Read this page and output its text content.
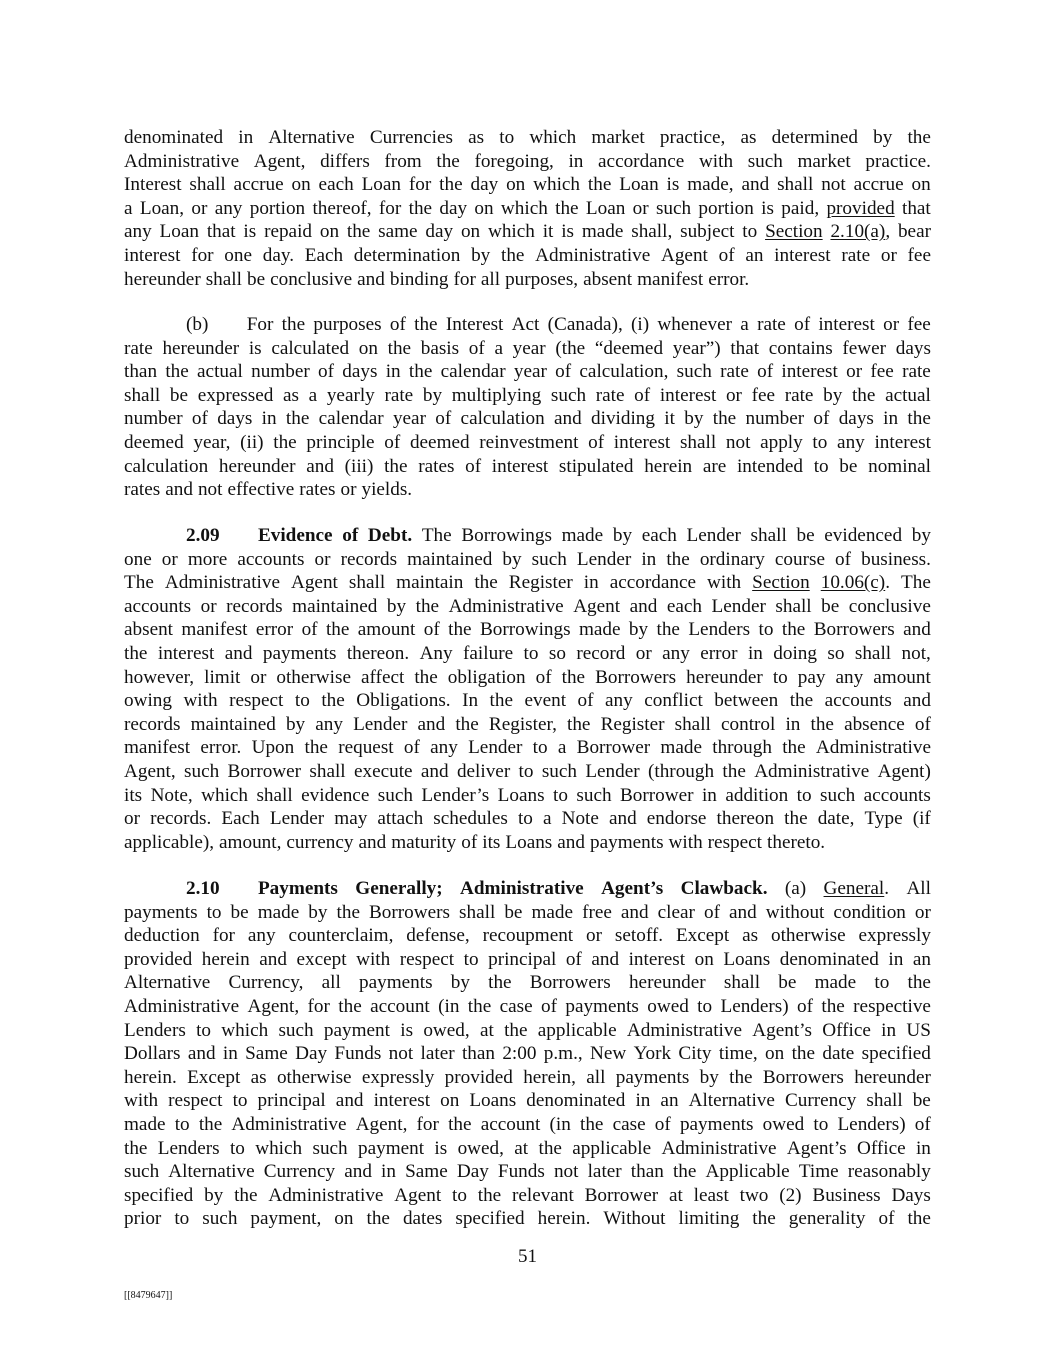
denominated in Alternative Currencies as to which market practice, as determined by the
Administrative Agent, differs from the foregoing, in accordance with such market practice.
Interest shall accrue on each Loan for the day on which the Loan is made, and shall not accrue on
a Loan, or any portion thereof, for the day on which the Loan or such portion is paid, provided that
any Loan that is repaid on the same day on which it is made shall, subject to Section 2.10(a), bear
interest for one day. Each determination by the Administrative Agent of an interest rate or fee
hereunder shall be conclusive and binding for all purposes, absent manifest error.
(b)  For the purposes of the Interest Act (Canada), (i) whenever a rate of interest or fee
rate hereunder is calculated on the basis of a year (the “deemed year”) that contains fewer days
than the actual number of days in the calendar year of calculation, such rate of interest or fee rate
shall be expressed as a yearly rate by multiplying such rate of interest or fee rate by the actual
number of days in the calendar year of calculation and dividing it by the number of days in the
deemed year, (ii) the principle of deemed reinvestment of interest shall not apply to any interest
calculation hereunder and (iii) the rates of interest stipulated herein are intended to be nominal
rates and not effective rates or yields.
2.09  Evidence of Debt. The Borrowings made by each Lender shall be evidenced by
one or more accounts or records maintained by such Lender in the ordinary course of business.
The Administrative Agent shall maintain the Register in accordance with Section 10.06(c). The
accounts or records maintained by the Administrative Agent and each Lender shall be conclusive
absent manifest error of the amount of the Borrowings made by the Lenders to the Borrowers and
the interest and payments thereon. Any failure to so record or any error in doing so shall not,
however, limit or otherwise affect the obligation of the Borrowers hereunder to pay any amount
owing with respect to the Obligations. In the event of any conflict between the accounts and
records maintained by any Lender and the Register, the Register shall control in the absence of
manifest error. Upon the request of any Lender to a Borrower made through the Administrative
Agent, such Borrower shall execute and deliver to such Lender (through the Administrative Agent)
its Note, which shall evidence such Lender’s Loans to such Borrower in addition to such accounts
or records. Each Lender may attach schedules to a Note and endorse thereon the date, Type (if
applicable), amount, currency and maturity of its Loans and payments with respect thereto.
2.10  Payments Generally; Administrative Agent’s Clawback. (a) General. All
payments to be made by the Borrowers shall be made free and clear of and without condition or
deduction for any counterclaim, defense, recoupment or setoff. Except as otherwise expressly
provided herein and except with respect to principal of and interest on Loans denominated in an
Alternative Currency, all payments by the Borrowers hereunder shall be made to the
Administrative Agent, for the account (in the case of payments owed to Lenders) of the respective
Lenders to which such payment is owed, at the applicable Administrative Agent’s Office in US
Dollars and in Same Day Funds not later than 2:00 p.m., New York City time, on the date specified
herein. Except as otherwise expressly provided herein, all payments by the Borrowers hereunder
with respect to principal and interest on Loans denominated in an Alternative Currency shall be
made to the Administrative Agent, for the account (in the case of payments owed to Lenders) of
the Lenders to which such payment is owed, at the applicable Administrative Agent’s Office in
such Alternative Currency and in Same Day Funds not later than the Applicable Time reasonably
specified by the Administrative Agent to the relevant Borrower at least two (2) Business Days
prior to such payment, on the dates specified herein. Without limiting the generality of the
51
[[8479647]]
